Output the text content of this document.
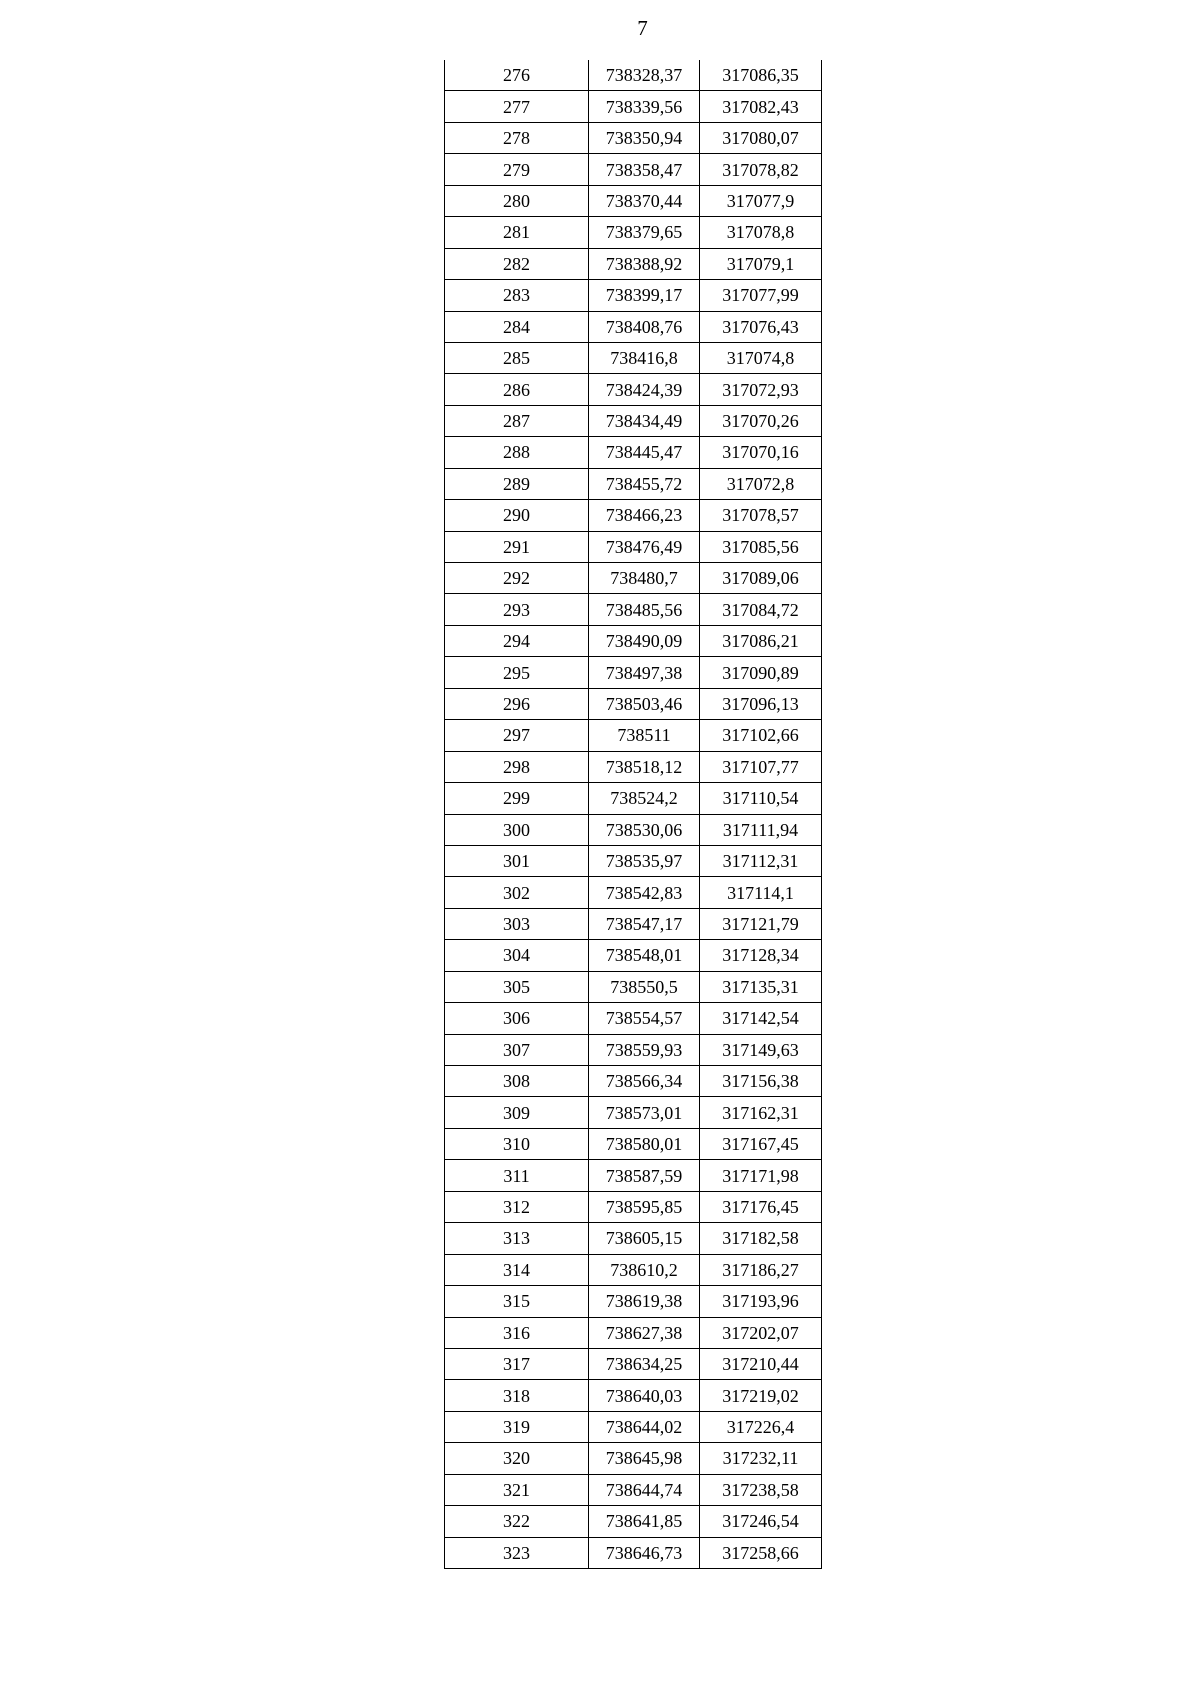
7
276	738328,37	317086,35
277	738339,56	317082,43
278	738350,94	317080,07
279	738358,47	317078,82
280	738370,44	317077,9
281	738379,65	317078,8
282	738388,92	317079,1
283	738399,17	317077,99
284	738408,76	317076,43
285	738416,8	317074,8
286	738424,39	317072,93
287	738434,49	317070,26
288	738445,47	317070,16
289	738455,72	317072,8
290	738466,23	317078,57
291	738476,49	317085,56
292	738480,7	317089,06
293	738485,56	317084,72
294	738490,09	317086,21
295	738497,38	317090,89
296	738503,46	317096,13
297	738511	317102,66
298	738518,12	317107,77
299	738524,2	317110,54
300	738530,06	317111,94
301	738535,97	317112,31
302	738542,83	317114,1
303	738547,17	317121,79
304	738548,01	317128,34
305	738550,5	317135,31
306	738554,57	317142,54
307	738559,93	317149,63
308	738566,34	317156,38
309	738573,01	317162,31
310	738580,01	317167,45
311	738587,59	317171,98
312	738595,85	317176,45
313	738605,15	317182,58
314	738610,2	317186,27
315	738619,38	317193,96
316	738627,38	317202,07
317	738634,25	317210,44
318	738640,03	317219,02
319	738644,02	317226,4
320	738645,98	317232,11
321	738644,74	317238,58
322	738641,85	317246,54
323	738646,73	317258,66
